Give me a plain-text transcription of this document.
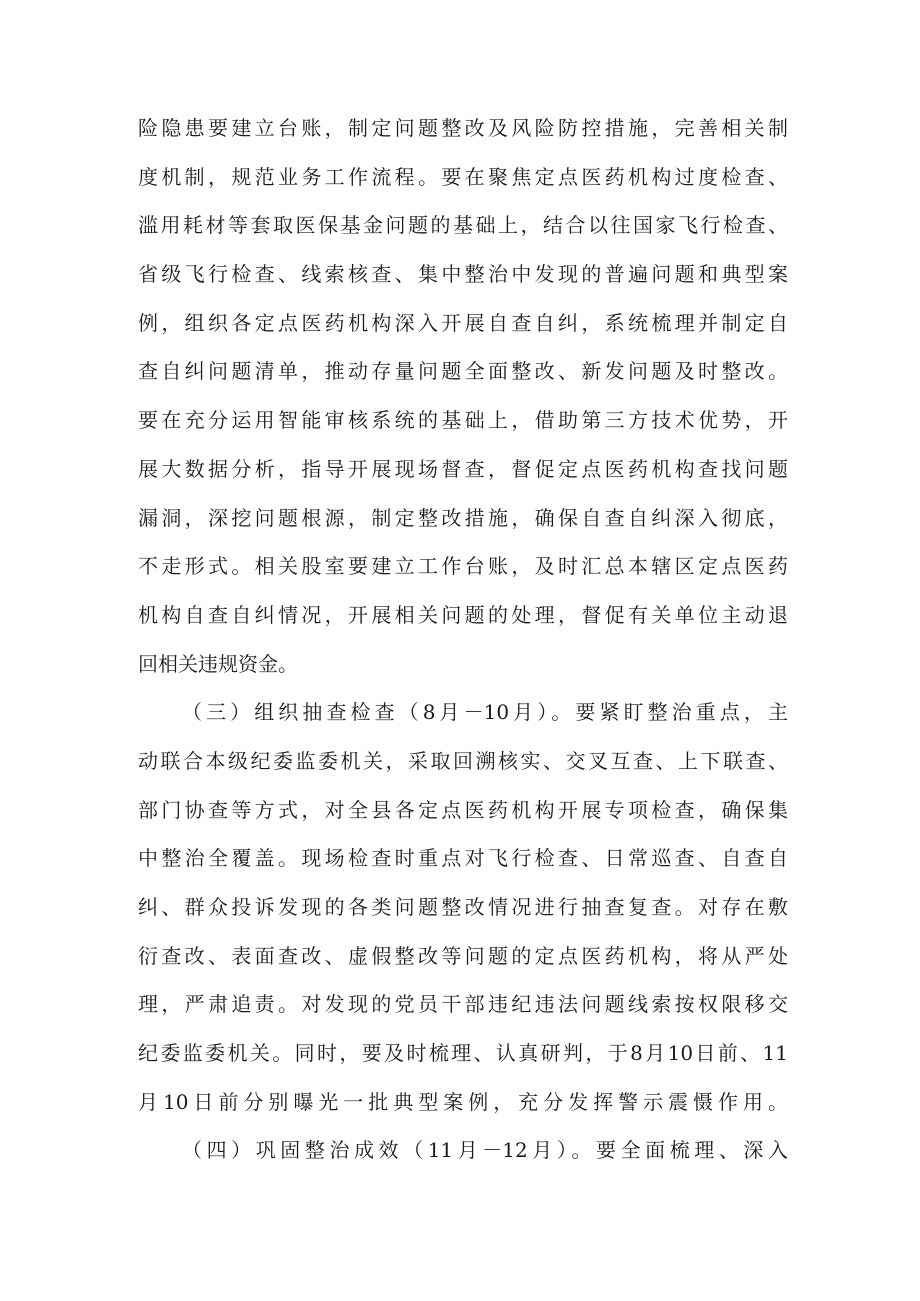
险隐患要建立台账，制定问题整改及风险防控措施，完善相关制
度机制，规范业务工作流程。要在聚焦定点医药机构过度检查、
滥用耗材等套取医保基金问题的基础上，结合以往国家飞行检查、
省级飞行检查、线索核查、集中整治中发现的普遍问题和典型案
例，组织各定点医药机构深入开展自查自纠，系统梳理并制定自
查自纠问题清单，推动存量问题全面整改、新发问题及时整改。
要在充分运用智能审核系统的基础上，借助第三方技术优势，开
展大数据分析，指导开展现场督查，督促定点医药机构查找问题
漏洞，深挖问题根源，制定整改措施，确保自查自纠深入彻底，
不走形式。相关股室要建立工作台账，及时汇总本辖区定点医药
机构自查自纠情况，开展相关问题的处理，督促有关单位主动退
回相关违规资金。
（三）组织抽查检查（8月－10月）。要紧盯整治重点，主
动联合本级纪委监委机关，采取回溯核实、交叉互查、上下联查、
部门协查等方式，对全县各定点医药机构开展专项检查，确保集
中整治全覆盖。现场检查时重点对飞行检查、日常巡查、自查自
纠、群众投诉发现的各类问题整改情况进行抽查复查。对存在敷
衍查改、表面查改、虚假整改等问题的定点医药机构，将从严处
理，严肃追责。对发现的党员干部违纪违法问题线索按权限移交
纪委监委机关。同时，要及时梳理、认真研判，于8月10日前、11
月10日前分别曝光一批典型案例，充分发挥警示震慑作用。
（四）巩固整治成效（11月－12月）。要全面梳理、深入
